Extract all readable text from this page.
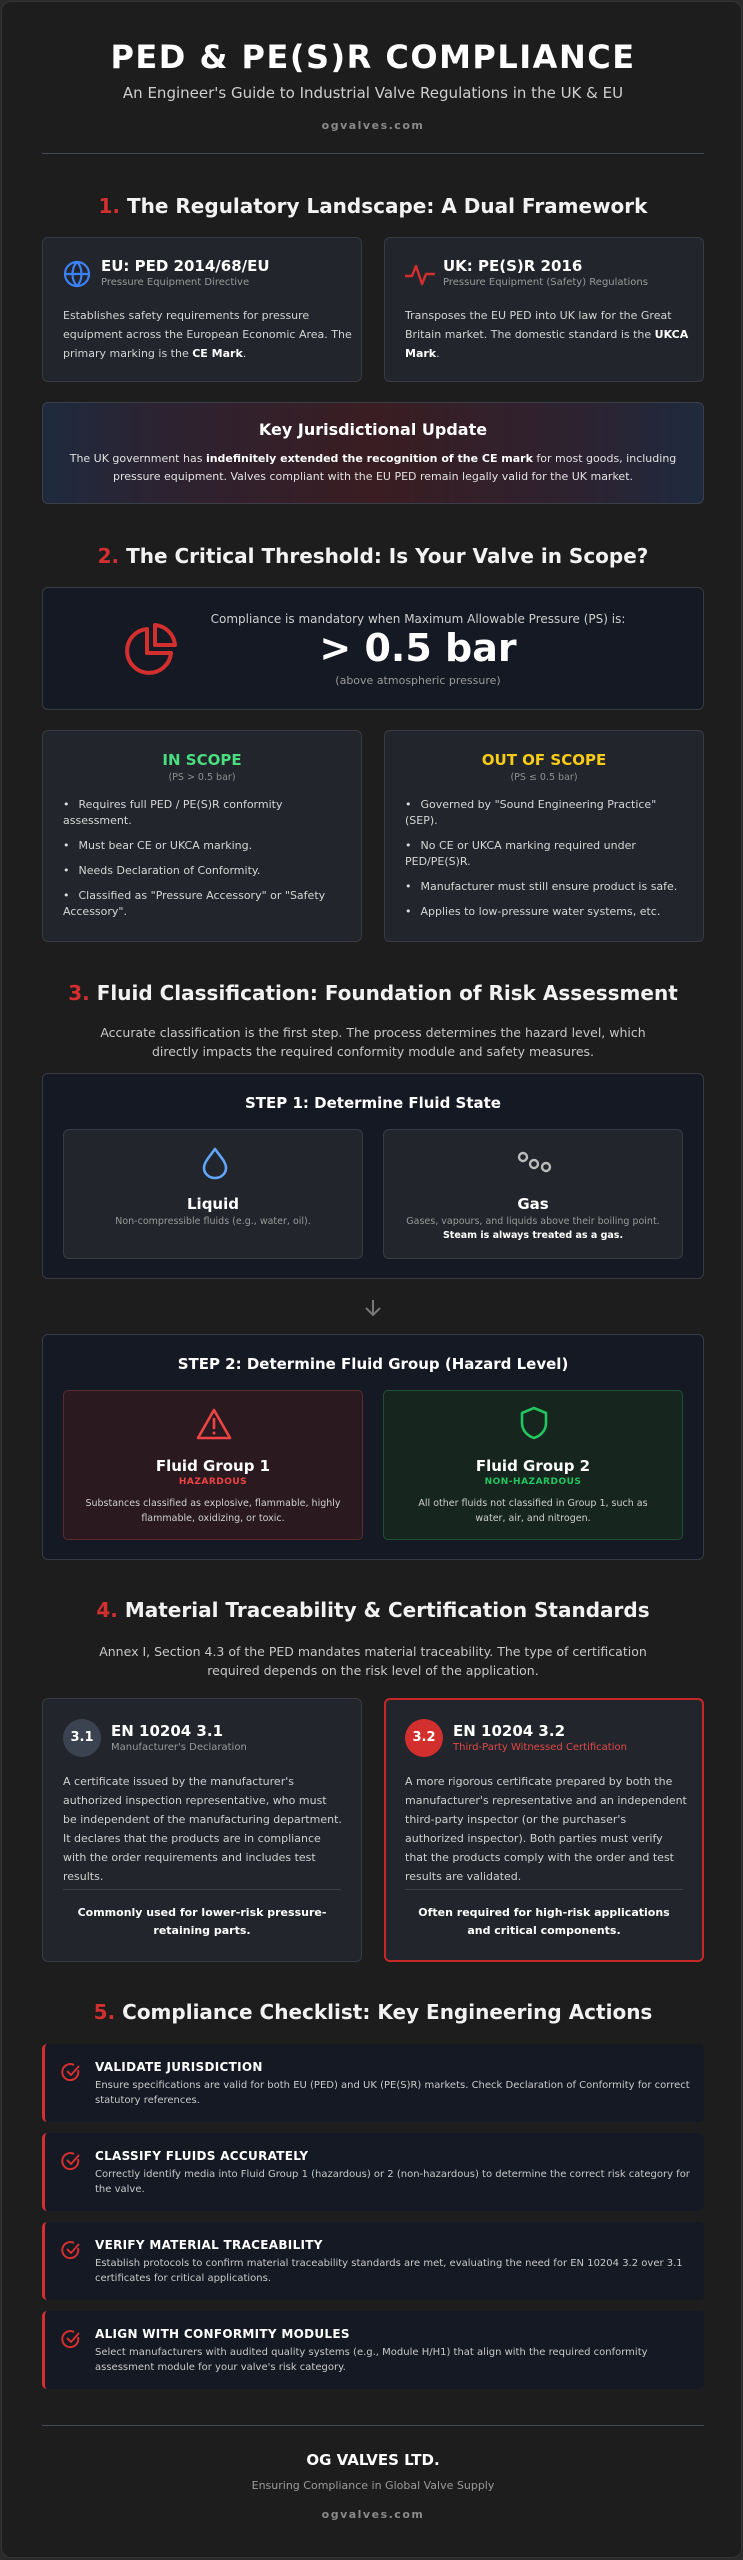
PED & PE(S)R COMPLIANCE
An Engineer's Guide to Industrial Valve Regulations in the UK & EU
ogvalves.com
1. The Regulatory Landscape: A Dual Framework
EU: PED 2014/68/EU
Pressure Equipment Directive
Establishes safety requirements for pressure equipment across the European Economic Area. The primary marking is the CE Mark.
UK: PE(S)R 2016
Pressure Equipment (Safety) Regulations
Transposes the EU PED into UK law for the Great Britain market. The domestic standard is the UKCA Mark.
Key Jurisdictional Update
The UK government has indefinitely extended the recognition of the CE mark for most goods, including pressure equipment. Valves compliant with the EU PED remain legally valid for the UK market.
2. The Critical Threshold: Is Your Valve in Scope?
Compliance is mandatory when Maximum Allowable Pressure (PS) is:
> 0.5 bar
(above atmospheric pressure)
IN SCOPE
(PS > 0.5 bar)
• Requires full PED / PE(S)R conformity assessment.
• Must bear CE or UKCA marking.
• Needs Declaration of Conformity.
• Classified as "Pressure Accessory" or "Safety Accessory".
OUT OF SCOPE
(PS ≤ 0.5 bar)
• Governed by "Sound Engineering Practice" (SEP).
• No CE or UKCA marking required under PED/PE(S)R.
• Manufacturer must still ensure product is safe.
• Applies to low-pressure water systems, etc.
3. Fluid Classification: Foundation of Risk Assessment
Accurate classification is the first step. The process determines the hazard level, which directly impacts the required conformity module and safety measures.
STEP 1: Determine Fluid State
Liquid
Non-compressible fluids (e.g., water, oil).
Gas
Gases, vapours, and liquids above their boiling point.
Steam is always treated as a gas.
STEP 2: Determine Fluid Group (Hazard Level)
Fluid Group 1
HAZARDOUS
Substances classified as explosive, flammable, highly flammable, oxidizing, or toxic.
Fluid Group 2
NON-HAZARDOUS
All other fluids not classified in Group 1, such as water, air, and nitrogen.
4. Material Traceability & Certification Standards
Annex I, Section 4.3 of the PED mandates material traceability. The type of certification required depends on the risk level of the application.
3.1	EN 10204 3.1
Manufacturer's Declaration
A certificate issued by the manufacturer's authorized inspection representative, who must be independent of the manufacturing department. It declares that the products are in compliance with the order requirements and includes test results.
Commonly used for lower-risk pressure-retaining parts.
3.2	EN 10204 3.2
Third-Party Witnessed Certification
A more rigorous certificate prepared by both the manufacturer's representative and an independent third-party inspector (or the purchaser's authorized inspector). Both parties must verify that the products comply with the order and test results are validated.
Often required for high-risk applications and critical components.
5. Compliance Checklist: Key Engineering Actions
VALIDATE JURISDICTION
Ensure specifications are valid for both EU (PED) and UK (PE(S)R) markets. Check Declaration of Conformity for correct statutory references.
CLASSIFY FLUIDS ACCURATELY
Correctly identify media into Fluid Group 1 (hazardous) or 2 (non-hazardous) to determine the correct risk category for the valve.
VERIFY MATERIAL TRACEABILITY
Establish protocols to confirm material traceability standards are met, evaluating the need for EN 10204 3.2 over 3.1 certificates for critical applications.
ALIGN WITH CONFORMITY MODULES
Select manufacturers with audited quality systems (e.g., Module H/H1) that align with the required conformity assessment module for your valve's risk category.
OG VALVES LTD.
Ensuring Compliance in Global Valve Supply
ogvalves.com
